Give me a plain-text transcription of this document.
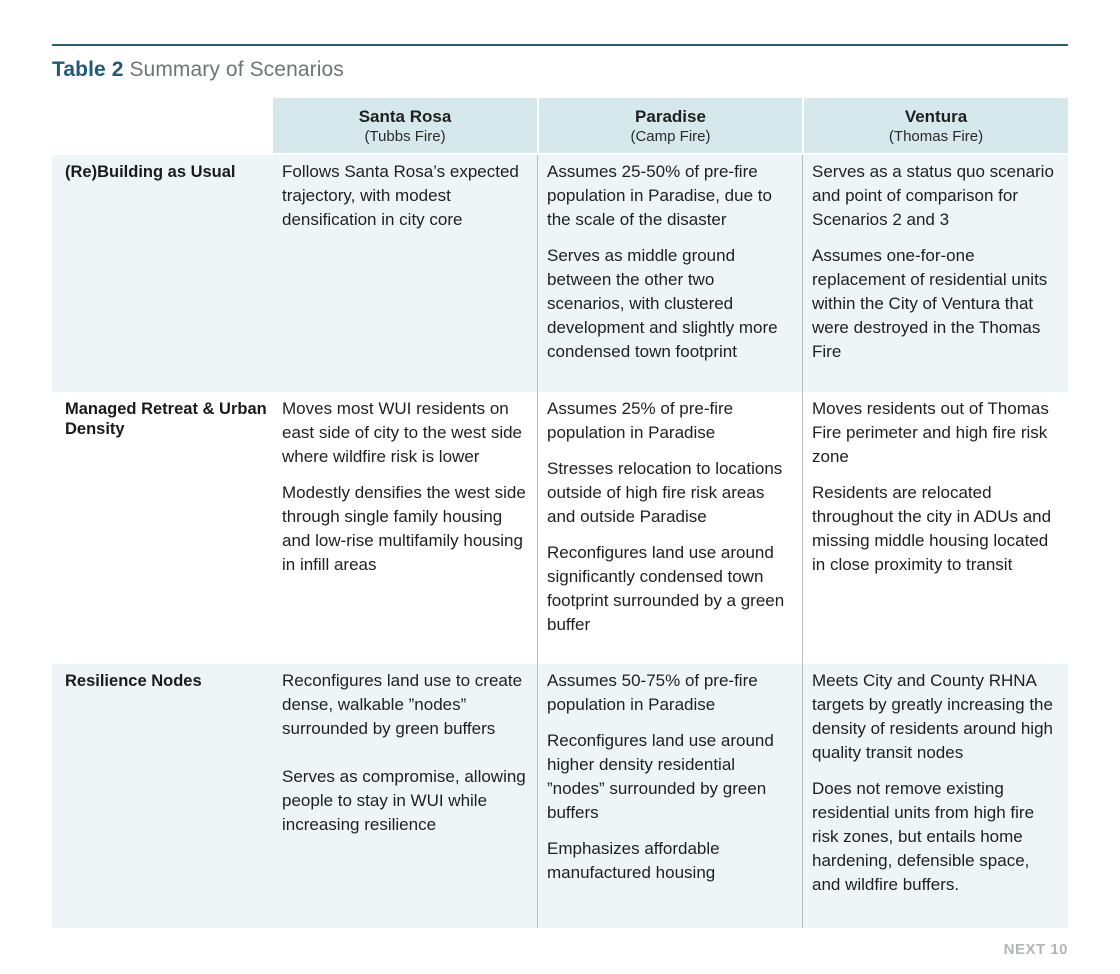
Table 2 Summary of Scenarios
Santa Rosa
(Tubbs Fire)
Paradise
(Camp Fire)
Ventura
(Thomas Fire)
(Re)Building as Usual	Follows Santa Rosa’s expected trajectory, with modest densification in city core

Assumes 25-50% of pre-fire population in Paradise, due to the scale of the disaster

Serves as middle ground between the other two scenarios, with clustered development and slightly more condensed town footprint

Serves as a status quo scenario and point of comparison for Scenarios 2 and 3

Assumes one-for-one replacement of residential units within the City of Ventura that were destroyed in the Thomas Fire

Managed Retreat & Urban Density

Moves most WUI residents on east side of city to the west side where wildfire risk is lower

Modestly densifies the west side through single family housing and low-rise multifamily housing in infill areas

Assumes 25% of pre-fire population in Paradise

Stresses relocation to locations outside of high fire risk areas and outside Paradise

Reconfigures land use around significantly condensed town footprint surrounded by a green buffer

Moves residents out of Thomas Fire perimeter and high fire risk zone

Residents are relocated throughout the city in ADUs and missing middle housing located in close proximity to transit

Resilience Nodes	Reconfigures land use to create dense, walkable ”nodes” surrounded by green buffers

Serves as compromise, allowing people to stay in WUI while increasing resilience

Assumes 50-75% of pre-fire population in Paradise

Reconfigures land use around higher density residential ”nodes” surrounded by green buffers

Emphasizes affordable manufactured housing

Meets City and County RHNA targets by greatly increasing the density of residents around high quality transit nodes

Does not remove existing residential units from high fire risk zones, but entails home hardening, defensible space, and wildfire buffers.

NEXT 10
